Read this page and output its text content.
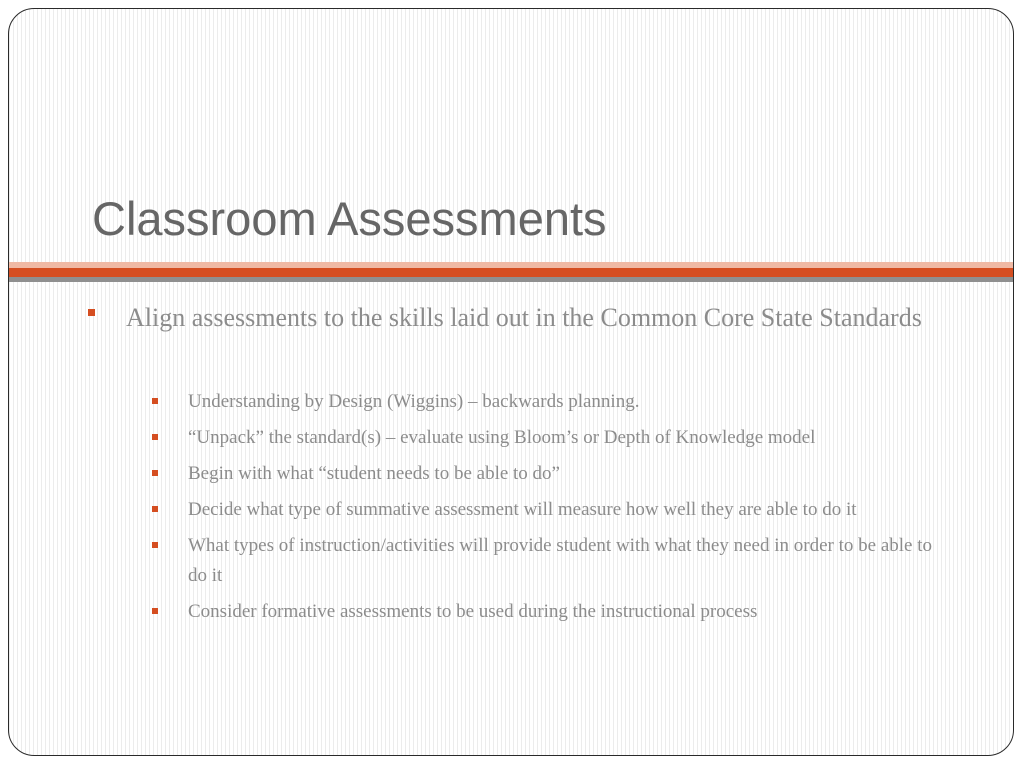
Classroom Assessments
Align assessments to the skills laid out in the Common Core State Standards
Understanding by Design (Wiggins) – backwards planning.
“Unpack” the standard(s) – evaluate using Bloom’s or Depth of Knowledge model
Begin with what “student needs to be able to do”
Decide what type of summative assessment will measure how well they are able to do it
What types of instruction/activities will provide student with what they need in order to be able to do it
Consider formative assessments to be used during the instructional process
